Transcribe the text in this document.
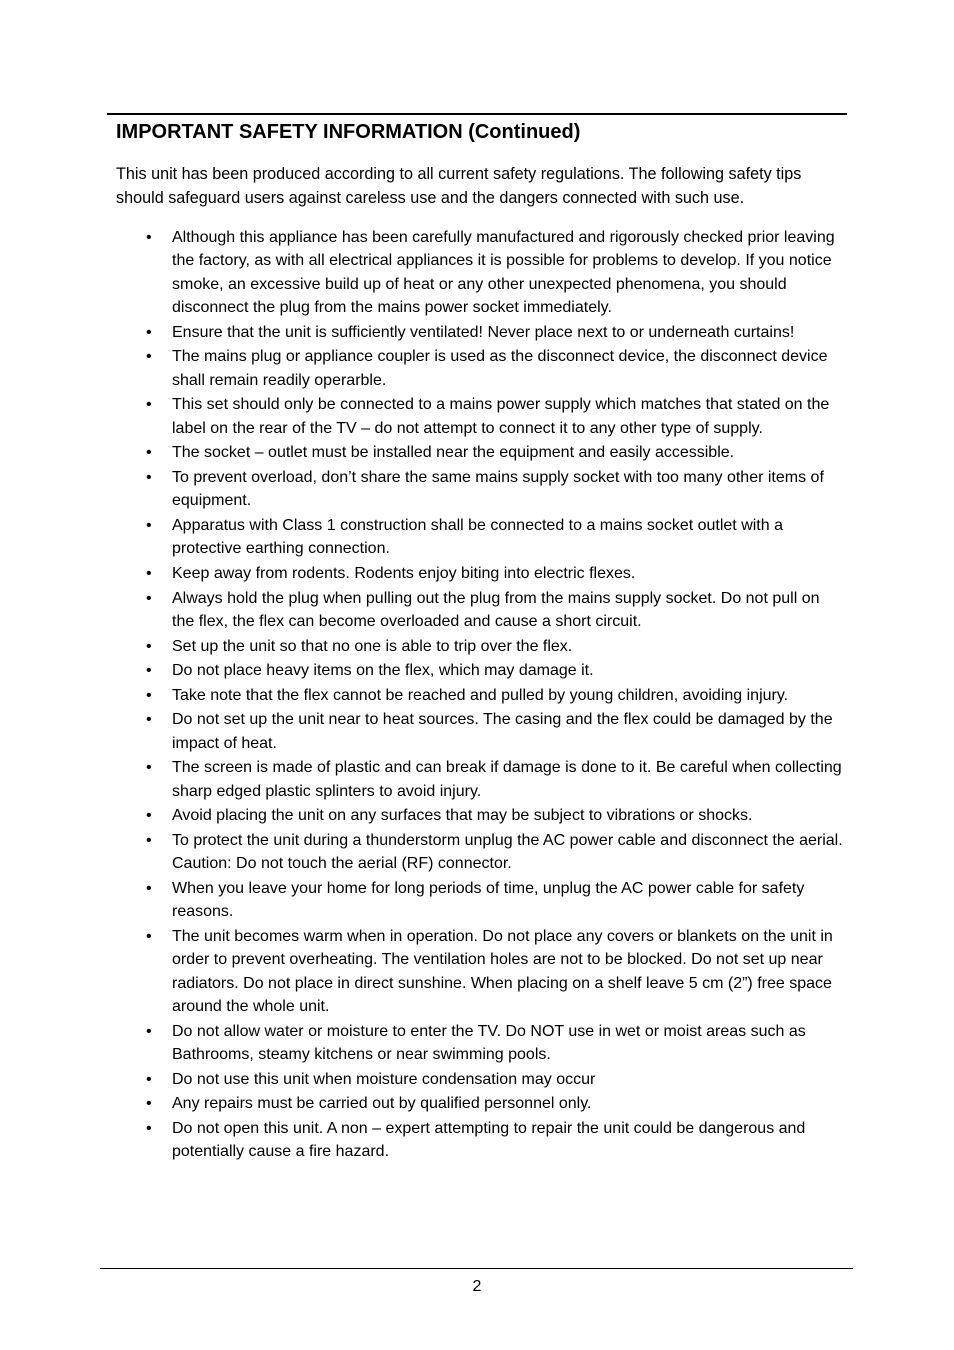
IMPORTANT SAFETY INFORMATION (Continued)

This unit has been produced according to all current safety regulations. The following safety tips should safeguard users against careless use and the dangers connected with such use.

• Although this appliance has been carefully manufactured and rigorously checked prior leaving the factory, as with all electrical appliances it is possible for problems to develop. If you notice smoke, an excessive build up of heat or any other unexpected phenomena, you should disconnect the plug from the mains power socket immediately.
• Ensure that the unit is sufficiently ventilated! Never place next to or underneath curtains!
• The mains plug or appliance coupler is used as the disconnect device, the disconnect device shall remain readily operarble.
• This set should only be connected to a mains power supply which matches that stated on the label on the rear of the TV – do not attempt to connect it to any other type of supply.
• The socket – outlet must be installed near the equipment and easily accessible.
• To prevent overload, don’t share the same mains supply socket with too many other items of equipment.
• Apparatus with Class 1 construction shall be connected to a mains socket outlet with a protective earthing connection.
• Keep away from rodents. Rodents enjoy biting into electric flexes.
• Always hold the plug when pulling out the plug from the mains supply socket. Do not pull on the flex, the flex can become overloaded and cause a short circuit.
• Set up the unit so that no one is able to trip over the flex.
• Do not place heavy items on the flex, which may damage it.
• Take note that the flex cannot be reached and pulled by young children, avoiding injury.
• Do not set up the unit near to heat sources. The casing and the flex could be damaged by the impact of heat.
• The screen is made of plastic and can break if damage is done to it. Be careful when collecting sharp edged plastic splinters to avoid injury.
• Avoid placing the unit on any surfaces that may be subject to vibrations or shocks.
• To protect the unit during a thunderstorm unplug the AC power cable and disconnect the aerial. Caution: Do not touch the aerial (RF) connector.
• When you leave your home for long periods of time, unplug the AC power cable for safety reasons.
• The unit becomes warm when in operation. Do not place any covers or blankets on the unit in order to prevent overheating. The ventilation holes are not to be blocked. Do not set up near radiators. Do not place in direct sunshine. When placing on a shelf leave 5 cm (2”) free space around the whole unit.
• Do not allow water or moisture to enter the TV. Do NOT use in wet or moist areas such as Bathrooms, steamy kitchens or near swimming pools.
• Do not use this unit when moisture condensation may occur
• Any repairs must be carried out by qualified personnel only.
• Do not open this unit. A non – expert attempting to repair the unit could be dangerous and potentially cause a fire hazard.
2
